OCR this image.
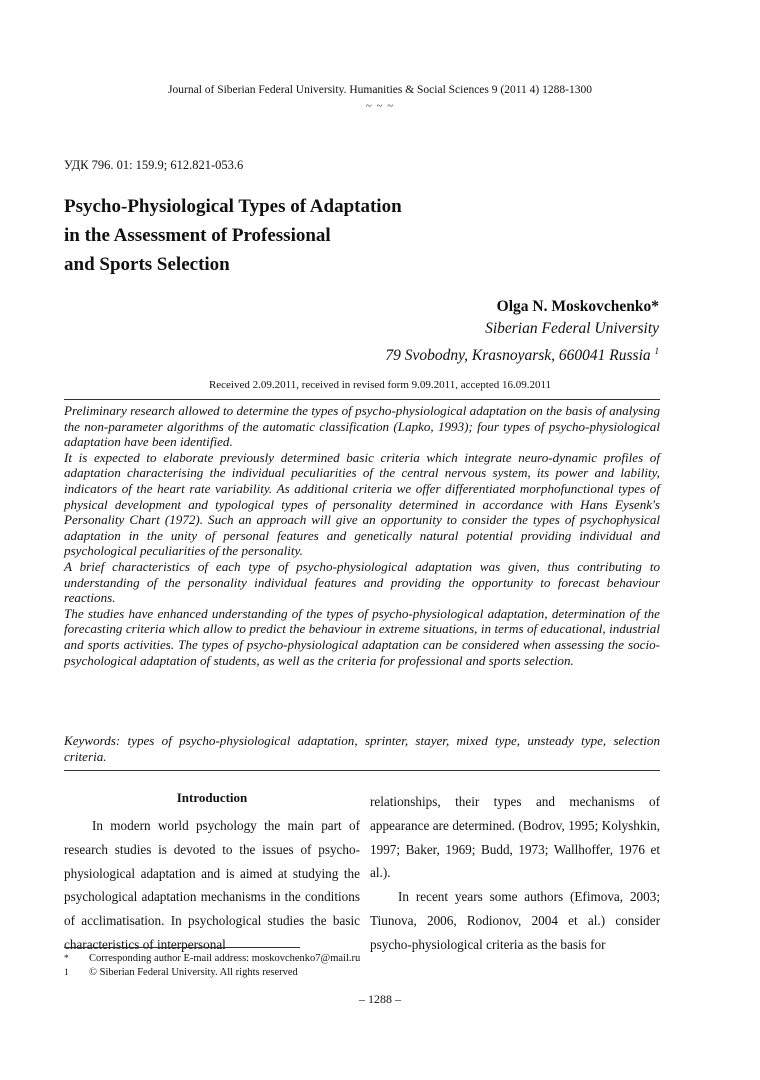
Journal of Siberian Federal University. Humanities & Social Sciences 9 (2011 4) 1288-1300
~ ~ ~
УДК 796. 01: 159.9; 612.821-053.6
Psycho-Physiological Types of Adaptation
in the Assessment of Professional
and Sports Selection
Olga N. Moskovchenko*
Siberian Federal University
79 Svobodny, Krasnoyarsk, 660041 Russia $^1$
Received 2.09.2011, received in revised form 9.09.2011, accepted 16.09.2011

Preliminary research allowed to determine the types of psycho-physiological adaptation on the basis of analysing the non-parameter algorithms of the automatic classification (Lapko, 1993); four types of psycho-physiological adaptation have been identified.

It is expected to elaborate previously determined basic criteria which integrate neuro-dynamic profiles of adaptation characterising the individual peculiarities of the central nervous system, its power and lability, indicators of the heart rate variability. As additional criteria we offer differentiated morphofunctional types of physical development and typological types of personality determined in accordance with Hans Eysenk's Personality Chart (1972). Such an approach will give an opportunity to consider the types of psychophysical adaptation in the unity of personal features and genetically natural potential providing individual and psychological peculiarities of the personality.

A brief characteristics of each type of psycho-physiological adaptation was given, thus contributing to understanding of the personality individual features and providing the opportunity to forecast behaviour reactions.

The studies have enhanced understanding of the types of psycho-physiological adaptation, determination of the forecasting criteria which allow to predict the behaviour in extreme situations, in terms of educational, industrial and sports activities. The types of psycho-physiological adaptation can be considered when assessing the socio-psychological adaptation of students, as well as the criteria for professional and sports selection.

Keywords: types of psycho-physiological adaptation, sprinter, stayer, mixed type, unsteady type, selection criteria.
Introduction

In modern world psychology the main part of research studies is devoted to the issues of psycho-physiological adaptation and is aimed at studying the psychological adaptation mechanisms in the conditions of acclimatisation. In psychological studies the basic characteristics of interpersonal

relationships, their types and mechanisms of appearance are determined. (Bodrov, 1995; Kolyshkin, 1997; Baker, 1969; Budd, 1973; Wallhoffer, 1976 et al.).

In recent years some authors (Efimova, 2003; Tiunova, 2006, Rodionov, 2004 et al.) consider psycho-physiological criteria as the basis for

*	Corresponding author E-mail address: moskovchenko7@mail.ru
1	© Siberian Federal University. All rights reserved
– 1288 –
